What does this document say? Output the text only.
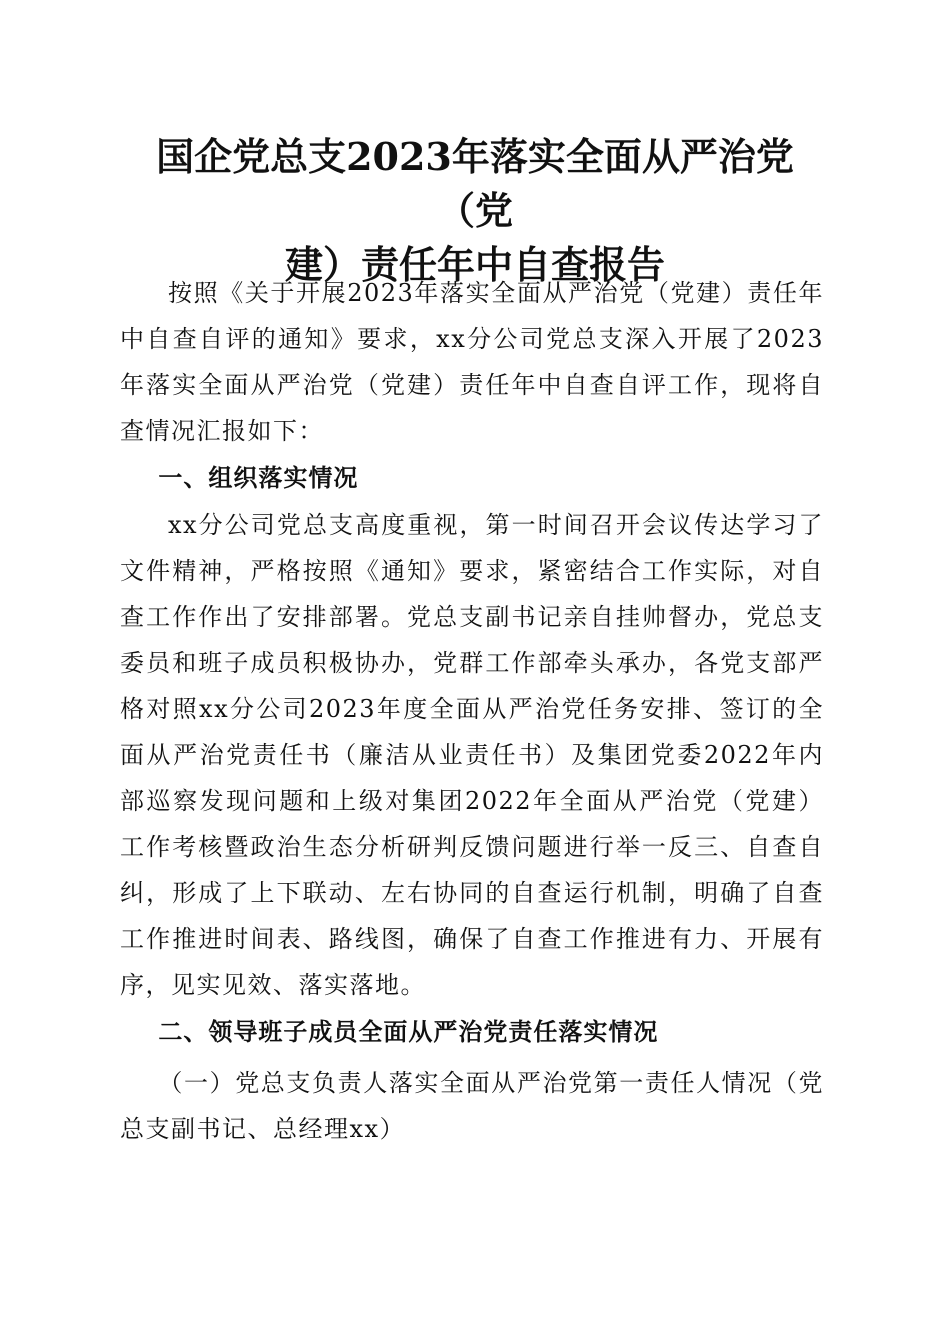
国企党总支2023年落实全面从严治党（党
建）责任年中自查报告

按照《关于开展2023年落实全面从严治党（党建）责任年中自查自评的通知》要求，xx分公司党总支深入开展了2023年落实全面从严治党（党建）责任年中自查自评工作，现将自查情况汇报如下：

一、组织落实情况

xx分公司党总支高度重视，第一时间召开会议传达学习了文件精神，严格按照《通知》要求，紧密结合工作实际，对自查工作作出了安排部署。党总支副书记亲自挂帅督办，党总支委员和班子成员积极协办，党群工作部牵头承办，各党支部严格对照xx分公司2023年度全面从严治党任务安排、签订的全面从严治党责任书（廉洁从业责任书）及集团党委2022年内部巡察发现问题和上级对集团2022年全面从严治党（党建）工作考核暨政治生态分析研判反馈问题进行举一反三、自查自纠，形成了上下联动、左右协同的自查运行机制，明确了自查工作推进时间表、路线图，确保了自查工作推进有力、开展有序，见实见效、落实落地。

二、领导班子成员全面从严治党责任落实情况

（一）党总支负责人落实全面从严治党第一责任人情况（党总支副书记、总经理xx）
